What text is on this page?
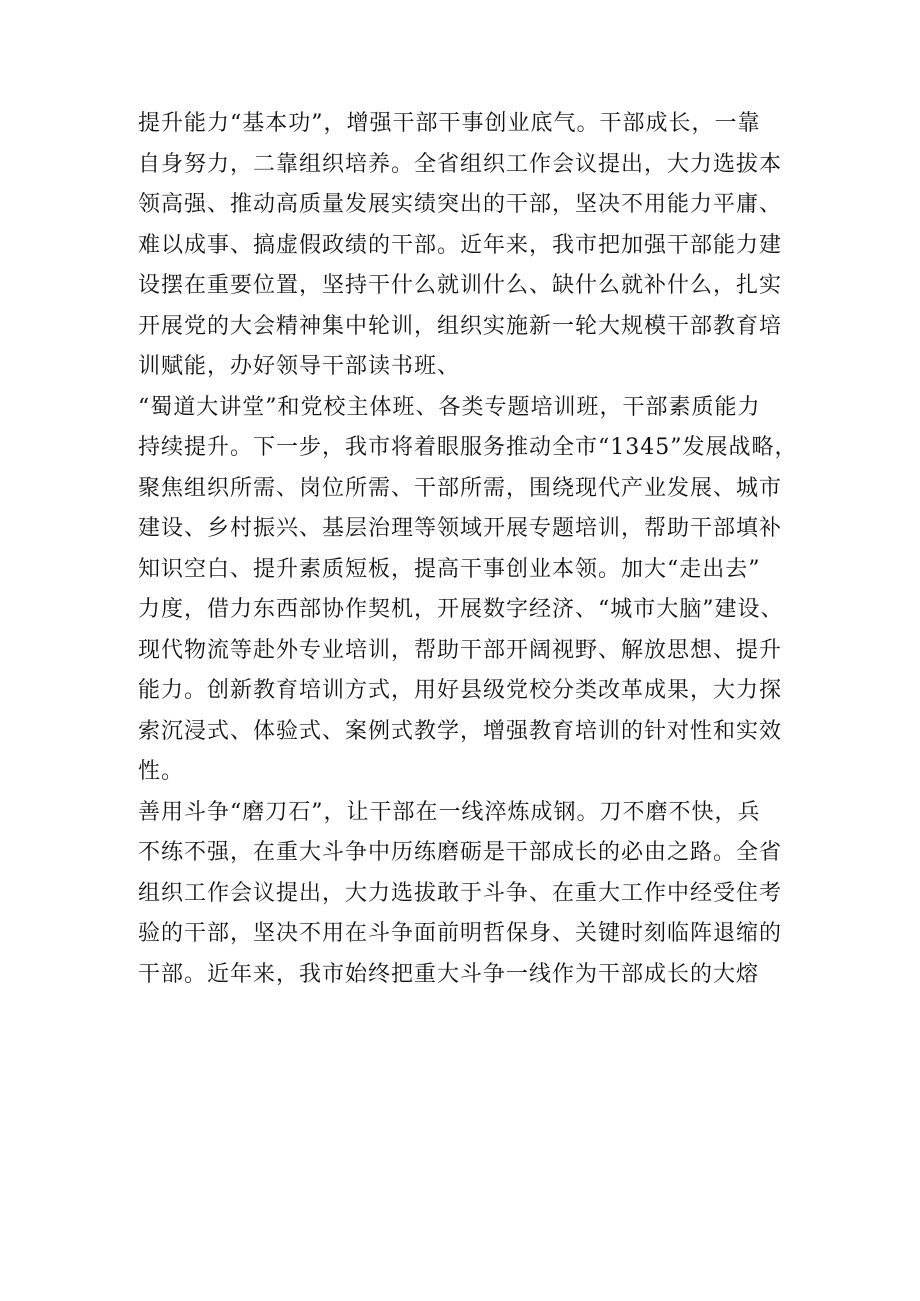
提升能力“基本功”，增强干部干事创业底气。干部成长，一靠
自身努力，二靠组织培养。全省组织工作会议提出，大力选拔本
领高强、推动高质量发展实绩突出的干部，坚决不用能力平庸、
难以成事、搞虚假政绩的干部。近年来，我市把加强干部能力建
设摆在重要位置，坚持干什么就训什么、缺什么就补什么，扎实
开展党的大会精神集中轮训，组织实施新一轮大规模干部教育培
训赋能，办好领导干部读书班、
“蜀道大讲堂”和党校主体班、各类专题培训班，干部素质能力
持续提升。下一步，我市将着眼服务推动全市“1345”发展战略，
聚焦组织所需、岗位所需、干部所需，围绕现代产业发展、城市
建设、乡村振兴、基层治理等领域开展专题培训，帮助干部填补
知识空白、提升素质短板，提高干事创业本领。加大“走出去”
力度，借力东西部协作契机，开展数字经济、“城市大脑”建设、
现代物流等赴外专业培训，帮助干部开阔视野、解放思想、提升
能力。创新教育培训方式，用好县级党校分类改革成果，大力探
索沉浸式、体验式、案例式教学，增强教育培训的针对性和实效
性。
善用斗争“磨刀石”，让干部在一线淬炼成钢。刀不磨不快，兵
不练不强，在重大斗争中历练磨砺是干部成长的必由之路。全省
组织工作会议提出，大力选拔敢于斗争、在重大工作中经受住考
验的干部，坚决不用在斗争面前明哲保身、关键时刻临阵退缩的
干部。近年来，我市始终把重大斗争一线作为干部成长的大熔
